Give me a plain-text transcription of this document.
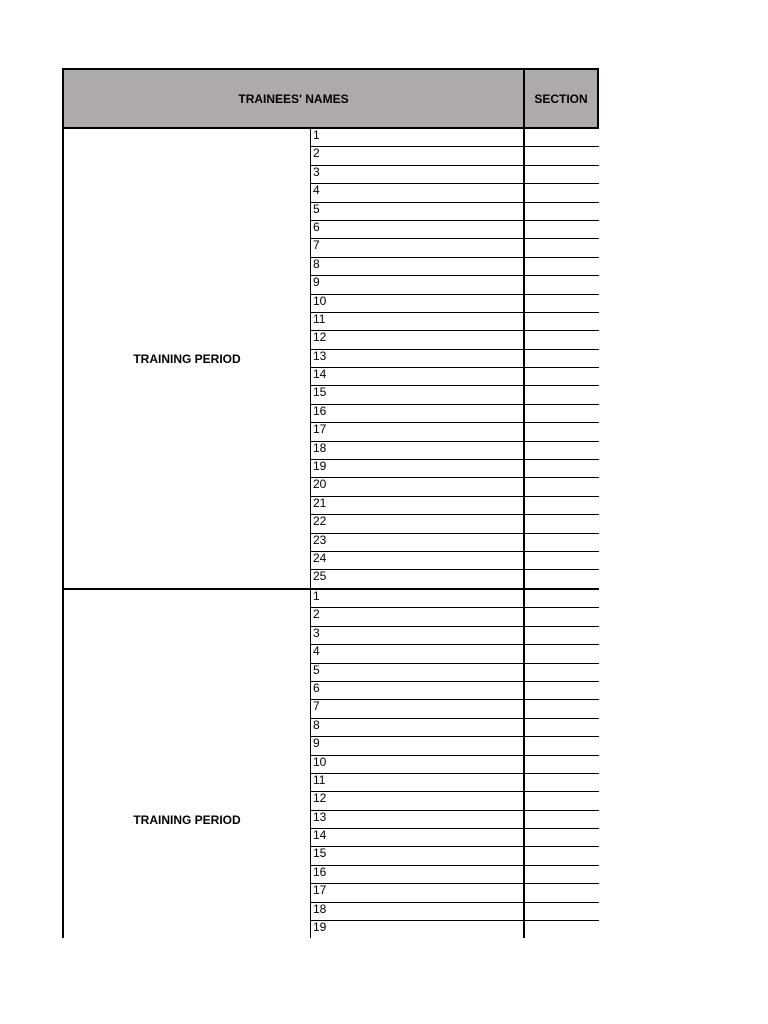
TRAINEES' NAMES	SECTION
TRAINING PERIOD
1
2
3
4
5
6
7
8
9
10
11
12
13
14
15
16
17
18
19
20
21
22
23
24
25
TRAINING PERIOD
1
2
3
4
5
6
7
8
9
10
11
12
13
14
15
16
17
18
19
